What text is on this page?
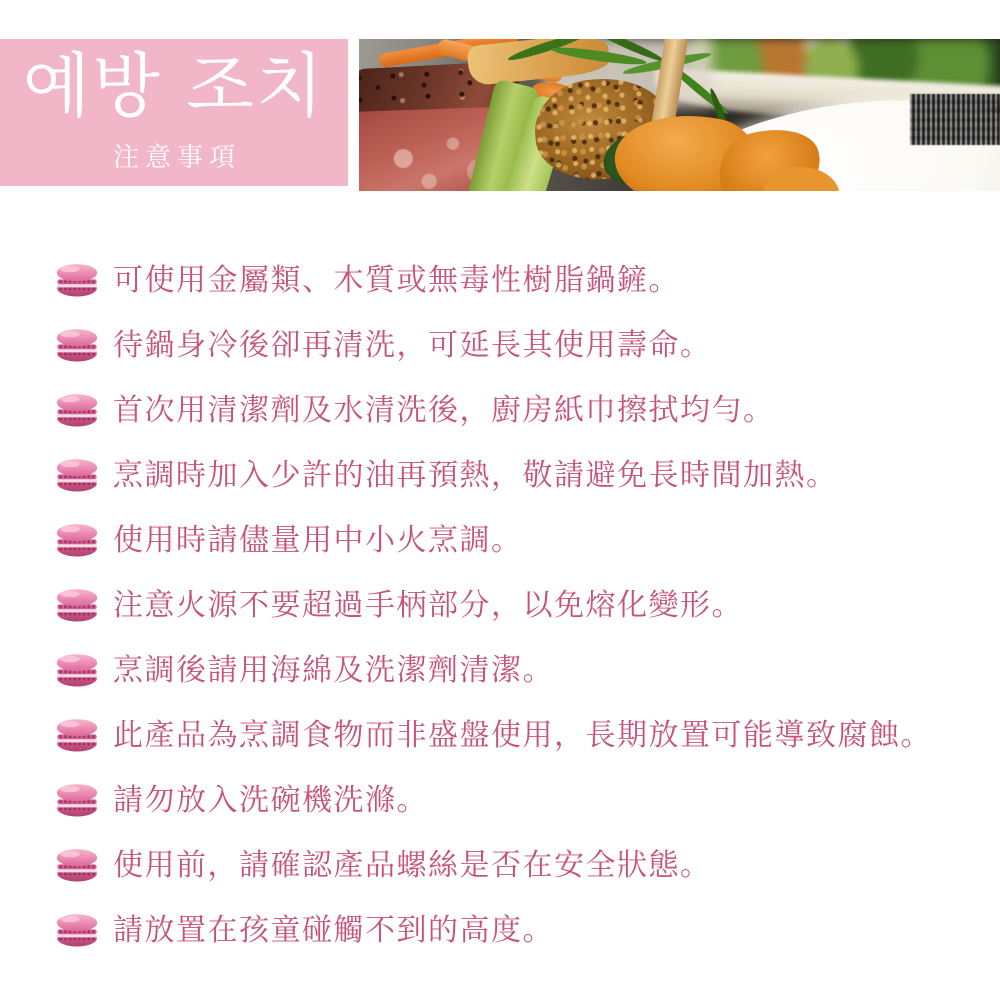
예방 조치
注意事項
可使用金屬類、木質或無毒性樹脂鍋鏟。
待鍋身冷後卻再清洗，可延長其使用壽命。
首次用清潔劑及水清洗後，廚房紙巾擦拭均勻。
烹調時加入少許的油再預熱，敬請避免長時間加熱。
使用時請儘量用中小火烹調。
注意火源不要超過手柄部分，以免熔化變形。
烹調後請用海綿及洗潔劑清潔。
此產品為烹調食物而非盛盤使用，長期放置可能導致腐蝕。
請勿放入洗碗機洗滌。
使用前，請確認產品螺絲是否在安全狀態。
請放置在孩童碰觸不到的高度。
